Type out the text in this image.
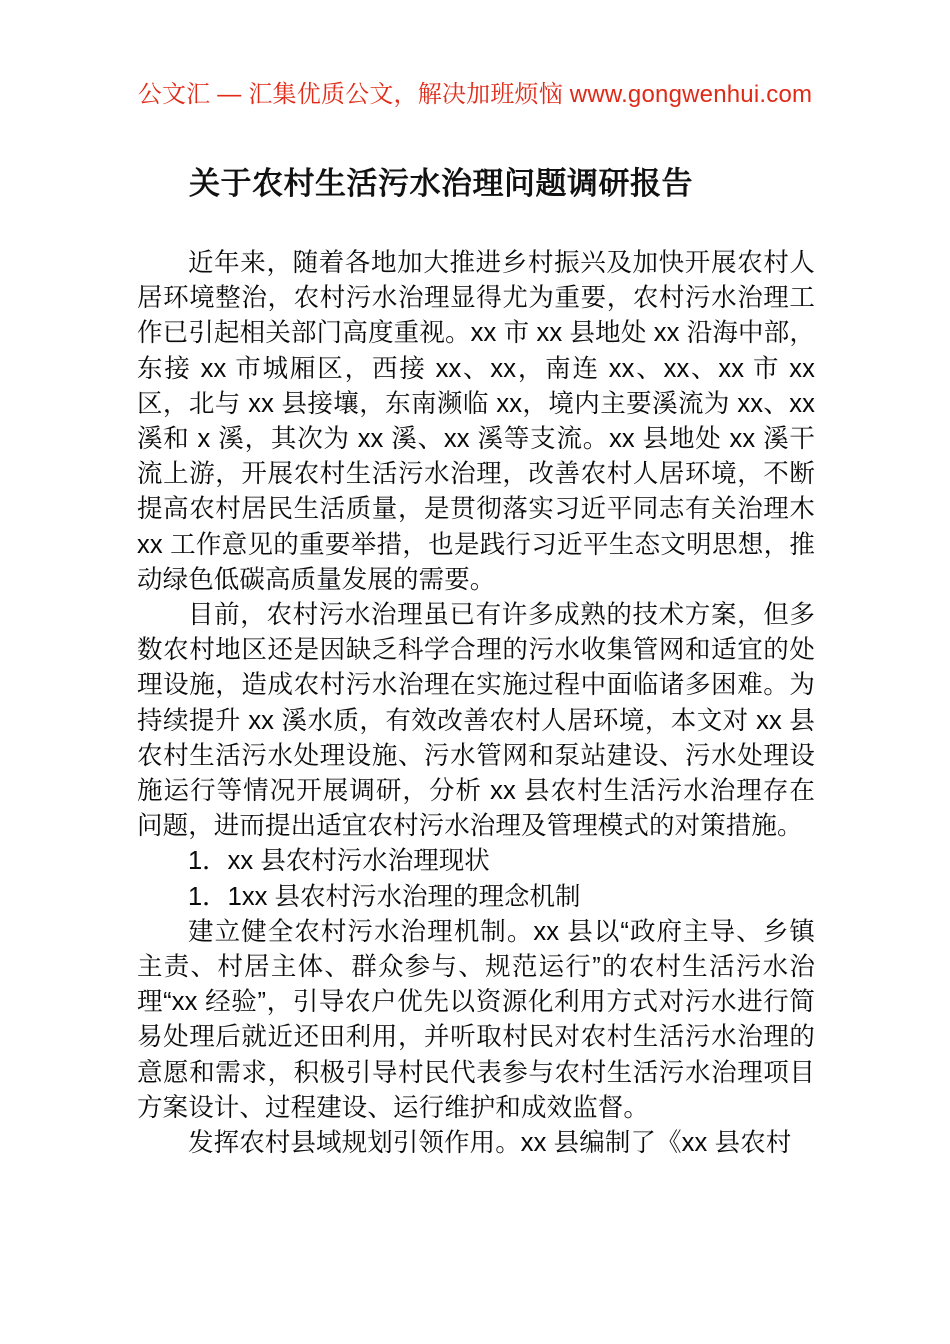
公文汇 — 汇集优质公文，解决加班烦恼 www.gongwenhui.com
关于农村生活污水治理问题调研报告

近年来，随着各地加大推进乡村振兴及加快开展农村人居环境整治，农村污水治理显得尤为重要，农村污水治理工作已引起相关部门高度重视。xx 市 xx 县地处 xx 沿海中部，东接 xx 市城厢区，西接 xx、xx，南连 xx、xx、xx 市 xx 区，北与 xx 县接壤，东南濒临 xx，境内主要溪流为 xx、xx 溪和 x 溪，其次为 xx 溪、xx 溪等支流。xx 县地处 xx 溪干流上游，开展农村生活污水治理，改善农村人居环境，不断提高农村居民生活质量，是贯彻落实习近平同志有关治理木 xx 工作意见的重要举措，也是践行习近平生态文明思想，推动绿色低碳高质量发展的需要。

目前，农村污水治理虽已有许多成熟的技术方案，但多数农村地区还是因缺乏科学合理的污水收集管网和适宜的处理设施，造成农村污水治理在实施过程中面临诸多困难。为持续提升 xx 溪水质，有效改善农村人居环境，本文对 xx 县农村生活污水处理设施、污水管网和泵站建设、污水处理设施运行等情况开展调研，分析 xx 县农村生活污水治理存在问题，进而提出适宜农村污水治理及管理模式的对策措施。

1．xx 县农村污水治理现状

1．1xx 县农村污水治理的理念机制

建立健全农村污水治理机制。xx 县以“政府主导、乡镇主责、村居主体、群众参与、规范运行”的农村生活污水治理“xx 经验”，引导农户优先以资源化利用方式对污水进行简易处理后就近还田利用，并听取村民对农村生活污水治理的意愿和需求，积极引导村民代表参与农村生活污水治理项目方案设计、过程建设、运行维护和成效监督。

发挥农村县域规划引领作用。xx 县编制了《xx 县农村
